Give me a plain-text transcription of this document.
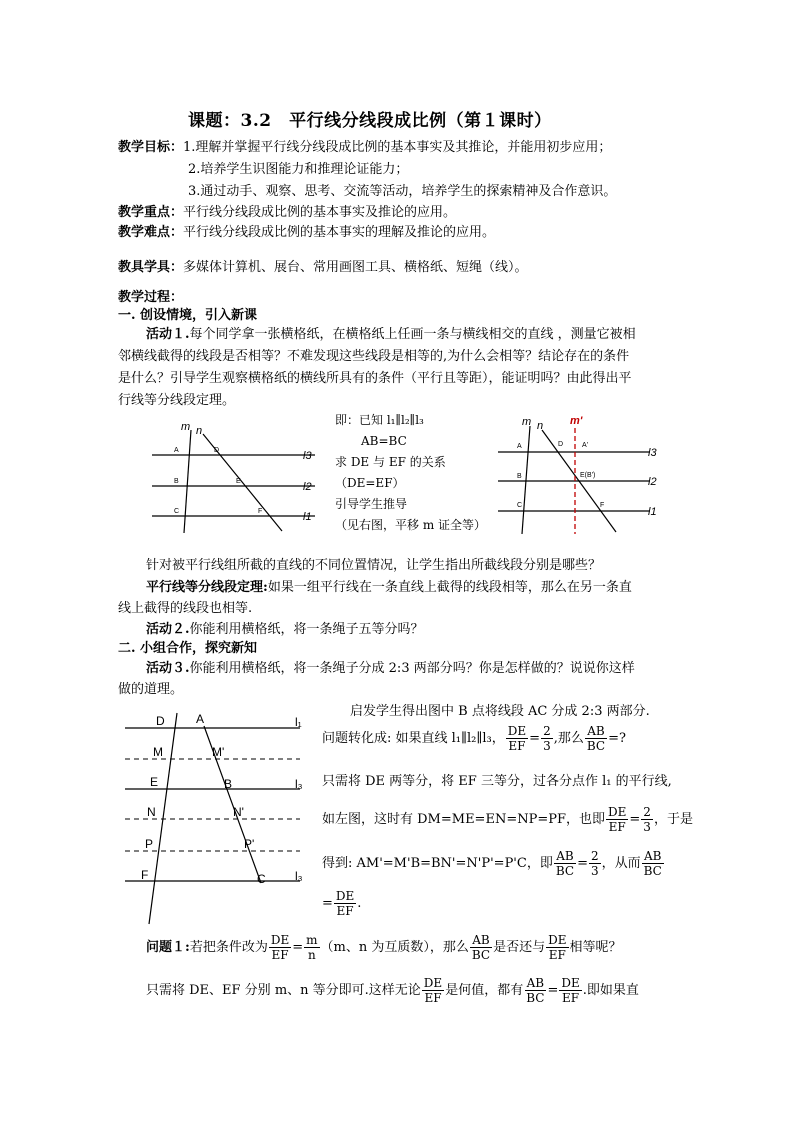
课题：3.2　平行线分线段成比例（第１课时）
教学目标：1.理解并掌握平行线分线段成比例的基本事实及其推论，并能用初步应用；
2.培养学生识图能力和推理论证能力；
3.通过动手、观察、思考、交流等活动，培养学生的探索精神及合作意识。
教学重点：平行线分线段成比例的基本事实及推论的应用。
教学难点：平行线分线段成比例的基本事实的理解及推论的应用。
教具学具：多媒体计算机、展台、常用画图工具、横格纸、短绳（线）。
教学过程：
一. 创设情境，引入新课
活动１.每个同学拿一张横格纸，在横格纸上任画一条与横线相交的直线 ，测量它被相
邻横线截得的线段是否相等？不难发现这些线段是相等的,为什么会相等？结论存在的条件
是什么？引导学生观察横格纸的横线所具有的条件（平行且等距），能证明吗？由此得出平
行线等分线段定理。
m n
A	D
B	E
C	F
l3
l2
l1
即：已知 l₁∥l₂∥l₃
AB=BC
求 DE 与 EF 的关系
（DE=EF）
引导学生推导
（见右图，平移 m 证全等）
m n m'
A	D	A'
B	E(B')
C	F
l3
l2
l1
针对被平行线组所截的直线的不同位置情况，让学生指出所截线段分别是哪些？
平行线等分线段定理:如果一组平行线在一条直线上截得的线段相等，那么在另一条直
线上截得的线段也相等.
活动２.你能利用横格纸，将一条绳子五等分吗？
二. 小组合作，探究新知
活动３.你能利用横格纸，将一条绳子分成 2:3 两部分吗？你是怎样做的？说说你这样
做的道理。
D	A
M	M'
E	B
N	N'
P	P'
F	C
l₁
l₃
l₃
启发学生得出图中 B 点将线段 AC 分成 2:3 两部分.
问题转化成: 如果直线 l₁∥l₂∥l₃， $\frac{DE}{EF} = \frac{2}{3}$ ,那么 $\frac{AB}{BC}$ =?
只需将 DE 两等分，将 EF 三等分，过各分点作 l₁ 的平行线,
如左图，这时有 DM=ME=EN=NP=PF，也即 $\frac{DE}{EF} = \frac{2}{3}$ ，于是
得到: AM'=M'B=BN'=N'P'=P'C，即 $\frac{AB}{BC} = \frac{2}{3}$ ，从而 $\frac{AB}{BC}$
= $\frac{DE}{EF}$ .
问题１: 若把条件改为 $\frac{DE}{EF} = \frac{m}{n} (m$、n 为互质数），那么 $\frac{AB}{BC}$ 是否还与 $\frac{DE}{EF}$ 相等呢？
只需将 DE、EF 分别 m、n 等分即可.这样无论 $\frac{DE}{EF}$ 是何值，都有 $\frac{AB}{BC} = \frac{DE}{EF}$ .即如果直
